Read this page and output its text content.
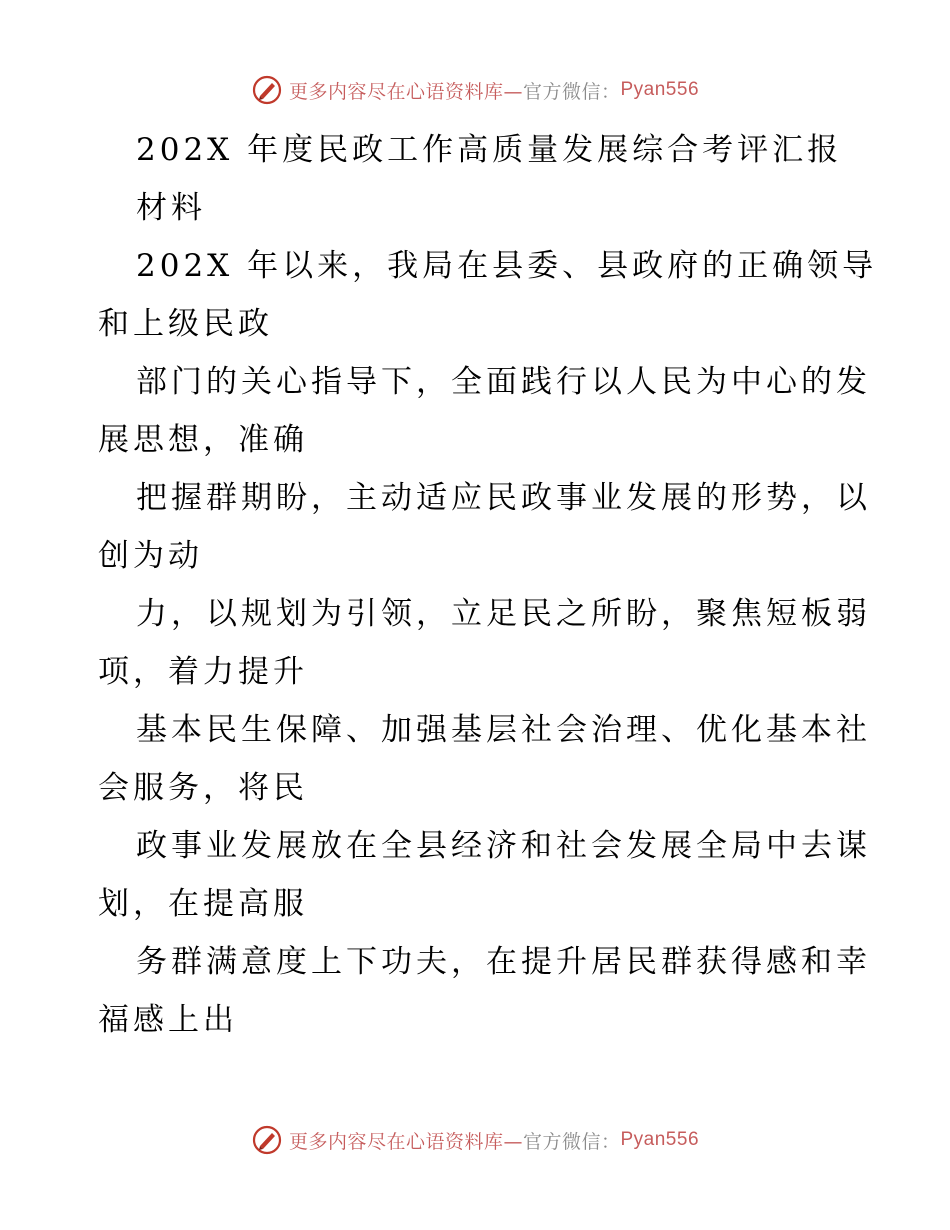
更多内容尽在心语资料库— 官方微信： Pyan556
202X 年度民政工作高质量发展综合考评汇报
材料
202X 年以来，我局在县委、县政府的正确领导
和上级民政
部门的关心指导下，全面践行以人民为中心的发
展思想，准确
把握群期盼，主动适应民政事业发展的形势，以
创为动
力，以规划为引领，立足民之所盼，聚焦短板弱
项，着力提升
基本民生保障、加强基层社会治理、优化基本社
会服务，将民
政事业发展放在全县经济和社会发展全局中去谋
划，在提高服
务群满意度上下功夫，在提升居民群获得感和幸
福感上出
更多内容尽在心语资料库— 官方微信： Pyan556
